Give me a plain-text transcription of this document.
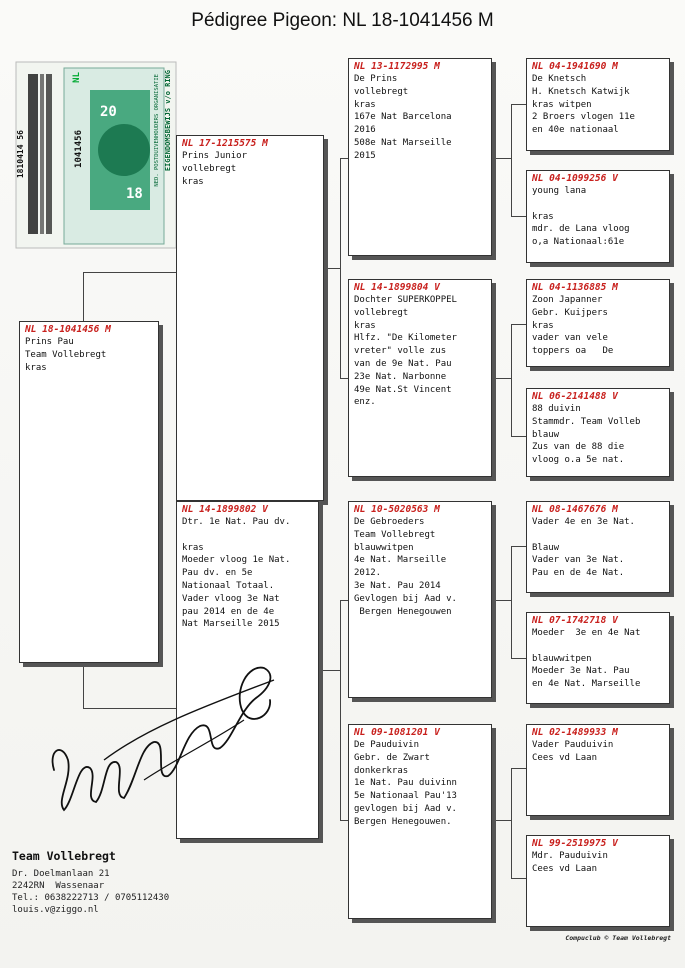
Pédigree Pigeon: NL 18-1041456 M
NL
20
18
1041456
1810414 56	EIGENDOMSBEWIJS v/o RING
NED. POSTDUIVENHOUDERS ORGANISATIE
NL 18-1041456 M
Prins Pau
Team Vollebregt
kras
NL 17-1215575 M
Prins Junior
vollebregt
kras
NL 14-1899802 V
Dtr. 1e Nat. Pau dv.

kras
Moeder vloog 1e Nat.
Pau dv. en 5e
Nationaal Totaal.
Vader vloog 3e Nat
pau 2014 en de 4e
Nat Marseille 2015
NL 13-1172995 M
De Prins
vollebregt
kras
167e Nat Barcelona
2016
508e Nat Marseille
2015
NL 14-1899804 V
Dochter SUPERKOPPEL
vollebregt
kras
Hlfz. "De Kilometer
vreter" volle zus
van de 9e Nat. Pau
23e Nat. Narbonne
49e Nat.St Vincent
enz.
NL 10-5020563 M
De Gebroeders
Team Vollebregt
blauwwitpen
4e Nat. Marseille
2012.
3e Nat. Pau 2014
Gevlogen bij Aad v.
Bergen Henegouwen
NL 09-1081201 V
De Pauduivin
Gebr. de Zwart
donkerkras
1e Nat. Pau duivinn
5e Nationaal Pau'13
gevlogen bij Aad v.
Bergen Henegouwen.
NL 04-1941690 M
De Knetsch
H. Knetsch Katwijk
kras witpen
2 Broers vlogen 11e
en 40e nationaal
NL 04-1099256 V
young lana

kras
mdr. de Lana vloog
o,a Nationaal:61e
NL 04-1136885 M
Zoon Japanner
Gebr. Kuijpers
kras
vader van vele
toppers oa   De
NL 06-2141488 V
88 duivin
Stammdr. Team Volleb
blauw
Zus van de 88 die
vloog o.a 5e nat.
NL 08-1467676 M
Vader 4e en 3e Nat.

Blauw
Vader van 3e Nat.
Pau en de 4e Nat.
NL 07-1742718 V
Moeder  3e en 4e Nat

blauwwitpen
Moeder 3e Nat. Pau
en 4e Nat. Marseille
NL 02-1489933 M
Vader Pauduivin
Cees vd Laan
NL 99-2519975 V
Mdr. Pauduivin
Cees vd Laan
Team Vollebregt
Dr. Doelmanlaan 21
2242RN  Wassenaar
Tel.: 0638222713 / 0705112430
louis.v@ziggo.nl
Compuclub © Team Vollebregt
